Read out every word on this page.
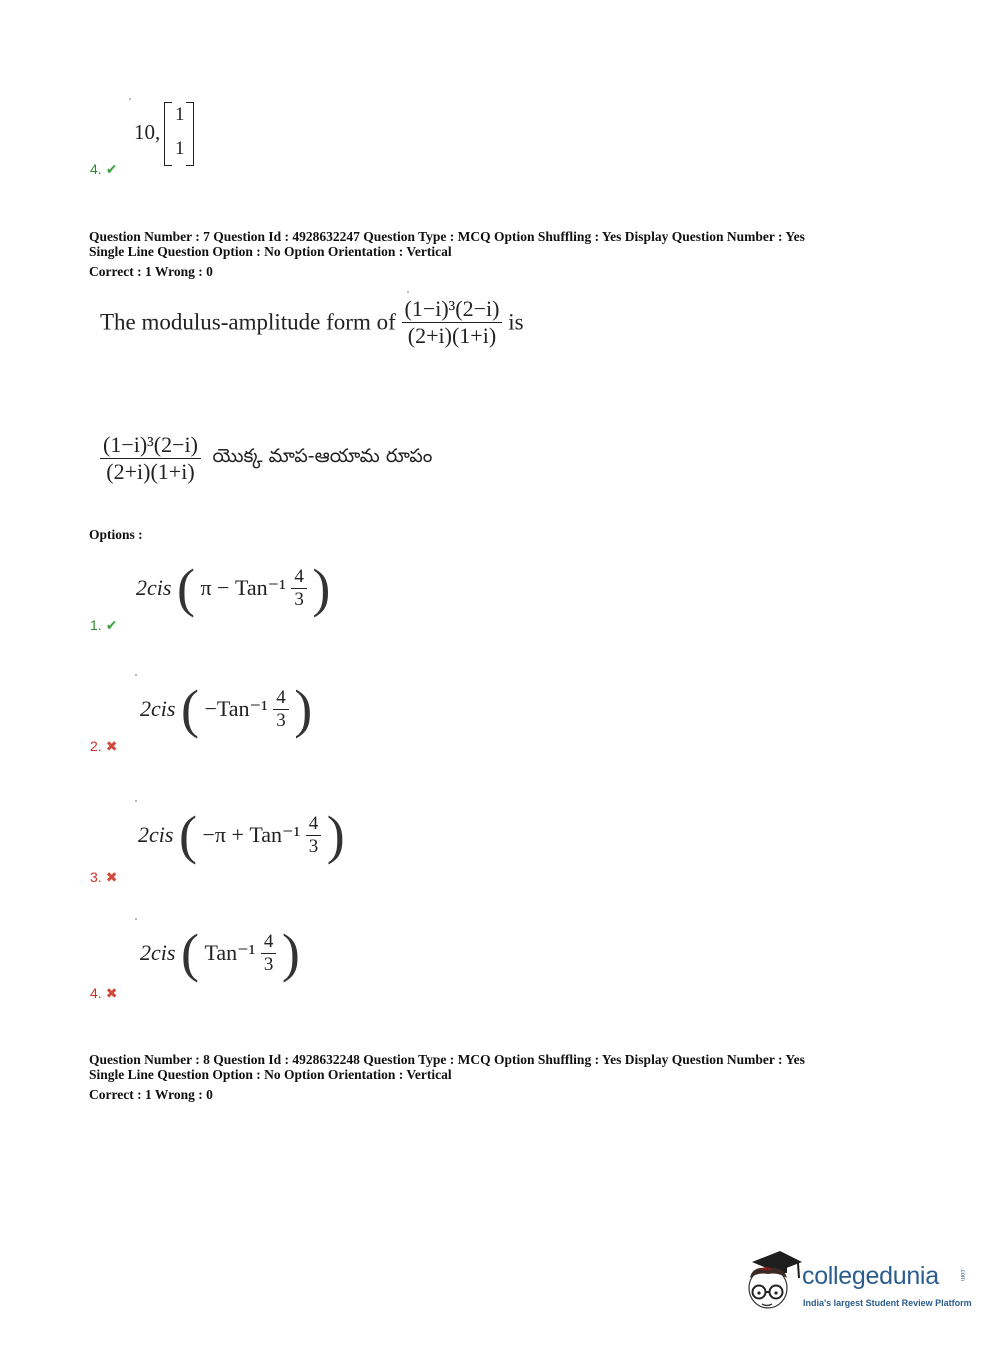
10,
1
1
4. ✔
Question Number : 7 Question Id : 4928632247 Question Type : MCQ Option Shuffling : Yes Display Question Number : Yes
Single Line Question Option : No Option Orientation : Vertical
Correct : 1 Wrong : 0
The modulus-amplitude form of $\frac{\text{(1−i)³(2−i)}}{(2+i)(1+i)}$ is
$\frac{\text{(1−i)³(2−i)}}{(2+i)(1+i)}$ యొక్క మాప-ఆయామ రూపం
Options :
2cis ( $\pi - Tan^{-1} \frac{4}{3}$ )
1. ✔
2cis ( $-Tan^{-1} \frac{4}{3}$ )
2. ✖
2cis ( $-\pi + Tan^{-1} \frac{4}{3}$ )
3. ✖
2cis ( $Tan^{-1} \frac{4}{3}$ )
4. ✖
Question Number : 8 Question Id : 4928632248 Question Type : MCQ Option Shuffling : Yes Display Question Number : Yes
Single Line Question Option : No Option Orientation : Vertical
Correct : 1 Wrong : 0
collegedunia	.com
India's largest Student Review Platform
